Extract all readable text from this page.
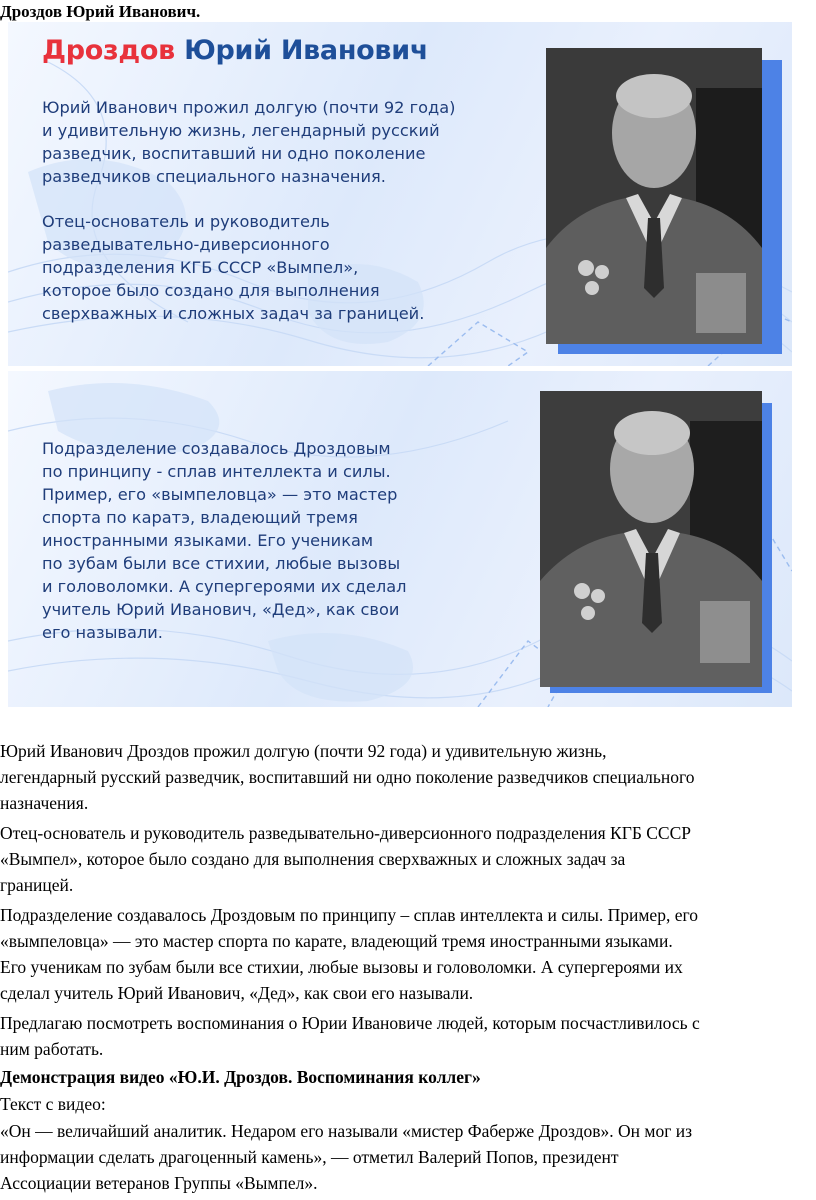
Дроздов Юрий Иванович.
Дроздов Юрий Иванович

Юрий Иванович прожил долгую (почти 92 года)
и удивительную жизнь, легендарный русский
разведчик, воспитавший ни одно поколение
разведчиков специального назначения.

Отец-основатель и руководитель
разведывательно-диверсионного
подразделения КГБ СССР «Вымпел»,
которое было создано для выполнения
сверхважных и сложных задач за границей.

Подразделение создавалось Дроздовым
по принципу - сплав интеллекта и силы.
Пример, его «вымпеловца» — это мастер
спорта по каратэ, владеющий тремя
иностранными языками. Его ученикам
по зубам были все стихии, любые вызовы
и головоломки. А супергероями их сделал
учитель Юрий Иванович, «Дед», как свои
его называли.

Юрий Иванович Дроздов прожил долгую (почти 92 года) и удивительную жизнь,
легендарный русский разведчик, воспитавший ни одно поколение разведчиков специального
назначения.

Отец-основатель и руководитель разведывательно-диверсионного подразделения КГБ СССР
«Вымпел», которое было создано для выполнения сверхважных и сложных задач за
границей.

Подразделение создавалось Дроздовым по принципу – сплав интеллекта и силы. Пример, его
«вымпеловца» — это мастер спорта по карате, владеющий тремя иностранными языками.
Его ученикам по зубам были все стихии, любые вызовы и головоломки. А супергероями их
сделал учитель Юрий Иванович, «Дед», как свои его называли.

Предлагаю посмотреть воспоминания о Юрии Ивановиче людей, которым посчастливилось с
ним работать.

Демонстрация видео «Ю.И. Дроздов. Воспоминания коллег»

Текст с видео:

«Он — величайший аналитик. Недаром его называли «мистер Фаберже Дроздов». Он мог из
информации сделать драгоценный камень», — отметил Валерий Попов, президент
Ассоциации ветеранов Группы «Вымпел».
